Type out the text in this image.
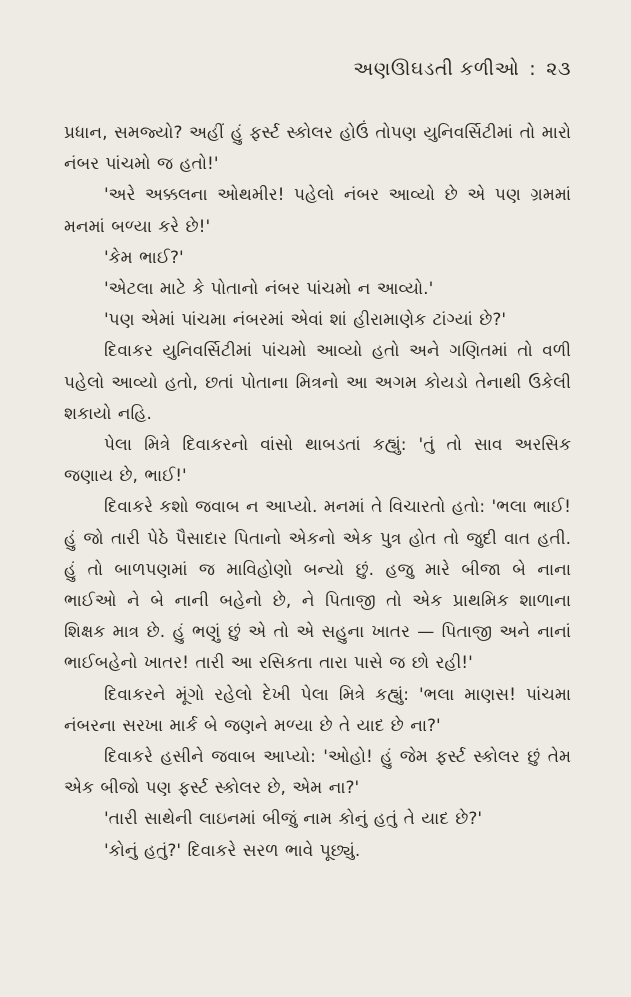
અણઊઘડતી કળીઓ : ૨૩

પ્રધાન, સમજ્યો? અહીં હું ફર્સ્ટ સ્કોલર હોઉં તોપણ યુનિવર્સિટીમાં તો મારો નંબર પાંચમો જ હતો!'

'અરે અક્કલના ઓથમીર! પહેલો નંબર આવ્યો છે એ પણ ગ્રમમાં મનમાં બળ્યા કરે છે!'

'કેમ ભાઈ?'

'એટલા માટે કે પોતાનો નંબર પાંચમો ન આવ્યો.'

'પણ એમાં પાંચમા નંબરમાં એવાં શાં હીરામાણેક ટાંગ્યાં છે?'

દિવાકર યુનિવર્સિટીમાં પાંચમો આવ્યો હતો અને ગણિતમાં તો વળી પહેલો આવ્યો હતો, છતાં પોતાના મિત્રનો આ અગમ કોયડો તેનાથી ઉકેલી શકાયો નહિ.

પેલા મિત્રે દિવાકરનો વાંસો થાબડતાં કહ્યું: 'તું તો સાવ અરસિક જણાય છે, ભાઈ!'

દિવાકરે કશો જવાબ ન આપ્યો. મનમાં તે વિચારતો હતો: 'ભલા ભાઈ! હું જો તારી પેઠે પૈસાદાર પિતાનો એકનો એક પુત્ર હોત તો જુદી વાત હતી. હું તો બાળપણમાં જ માવિહોણો બન્યો છું. હજુ મારે બીજા બે નાના ભાઈઓ ને બે નાની બહેનો છે, ને પિતાજી તો એક પ્રાથમિક શાળાના શિક્ષક માત્ર છે. હું ભણું છું એ તો એ સહુના ખાતર — પિતાજી અને નાનાં ભાઈબહેનો ખાતર! તારી આ રસિકતા તારા પાસે જ છો રહી!'

દિવાકરને મૂંગો રહેલો દેખી પેલા મિત્રે કહ્યું: 'ભલા માણસ! પાંચમા નંબરના સરખા માર્ક બે જણને મળ્યા છે તે યાદ છે ના?'

દિવાકરે હસીને જવાબ આપ્યો: 'ઓહો! હું જેમ ફર્સ્ટ સ્કોલર છું તેમ એક બીજો પણ ફર્સ્ટ સ્કોલર છે, એમ ના?'

'તારી સાથેની લાઇનમાં બીજું નામ કોનું હતું તે યાદ છે?'

'કોનું હતું?' દિવાકરે સરળ ભાવે પૂછ્યું.
